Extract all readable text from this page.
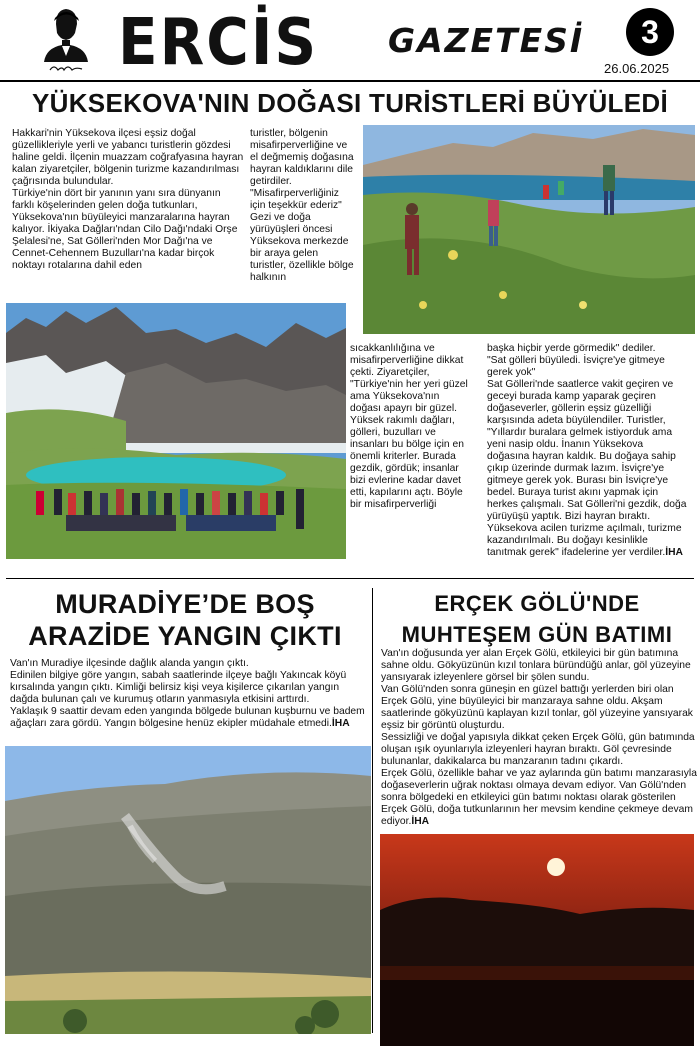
ERCİS GAZETESİ	3
26.06.2025
YÜKSEKOVA'NIN DOĞASI TURİSTLERİ BÜYÜLEDİ

Hakkari'nin Yüksekova ilçesi eşsiz doğal güzellikleriyle yerli ve yabancı turistlerin gözdesi haline geldi. İlçenin muazzam coğrafyasına hayran kalan ziyaretçiler, bölgenin turizme kazandırılması çağrısında bulundular.
Türkiye'nin dört bir yanının yanı sıra dünyanın farklı köşelerinden gelen doğa tutkunları, Yüksekova'nın büyüleyici manzaralarına hayran kalıyor. İkiyaka Dağları'ndan Cilo Dağı'ndaki Orşe Şelalesi'ne, Sat Gölleri'nden Mor Dağı'na ve Cennet-Cehennem Buzulları'na kadar birçok noktayı rotalarına dahil eden

turistler, bölgenin misafirperverliğine ve el değmemiş doğasına hayran kaldıklarını dile getirdiler.
"Misafirperverliğiniz için teşekkür ederiz"
Gezi ve doğa yürüyüşleri öncesi Yüksekova merkezde bir araya gelen turistler, özellikle bölge halkının

sıcakkanlılığına ve misafirperverliğine dikkat çekti. Ziyaretçiler, "Türkiye'nin her yeri güzel ama Yüksekova'nın doğası apayrı bir güzel. Yüksek rakımlı dağları, gölleri, buzulları ve insanları bu bölge için en önemli kriterler. Burada gezdik, gördük; insanlar bizi evlerine kadar davet etti, kapılarını açtı. Böyle bir misafirperverliği

başka hiçbir yerde görmedik" dediler.
"Sat gölleri büyüledi. İsviçre'ye gitmeye gerek yok"
Sat Gölleri'nde saatlerce vakit geçiren ve geceyi burada kamp yaparak geçiren doğaseverler, göllerin eşsiz güzelliği karşısında adeta büyülendiler. Turistler, "Yıllardır buralara gelmek istiyorduk ama yeni nasip oldu. İnanın Yüksekova doğasına hayran kaldık. Bu doğaya sahip çıkıp üzerinde durmak lazım. İsviçre'ye gitmeye gerek yok. Burası bin İsviçre'ye bedel. Buraya turist akını yapmak için herkes çalışmalı. Sat Gölleri'ni gezdik, doğa yürüyüşü yaptık. Bizi hayran bıraktı. Yüksekova acilen turizme açılmalı, turizme kazandırılmalı. Bu doğayı kesinlikle tanıtmak gerek" ifadelerine yer verdiler.İHA
MURADİYE’DE BOŞ ARAZİDE YANGIN ÇIKTI
Van'ın Muradiye ilçesinde dağlık alanda yangın çıktı.
Edinilen bilgiye göre yangın, sabah saatlerinde ilçeye bağlı Yakıncak köyü kırsalında yangın çıktı. Kimliği belirsiz kişi veya kişilerce çıkarılan yangın dağda bulunan çalı ve kurumuş otların yanmasıyla etkisini arttırdı.
Yaklaşık 9 saattir devam eden yangında bölgede bulunan kuşburnu ve badem ağaçları zara gördü. Yangın bölgesine henüz ekipler müdahale etmedi.İHA
ERÇEK GÖLÜ'NDE MUHTEŞEM GÜN BATIMI
Van'ın doğusunda yer alan Erçek Gölü, etkileyici bir gün batımına sahne oldu. Gökyüzünün kızıl tonlara büründüğü anlar, göl yüzeyine yansıyarak izleyenlere görsel bir şölen sundu.
Van Gölü'nden sonra güneşin en güzel battığı yerlerden biri olan Erçek Gölü, yine büyüleyici bir manzaraya sahne oldu. Akşam saatlerinde gökyüzünü kaplayan kızıl tonlar, göl yüzeyine yansıyarak eşsiz bir görüntü oluşturdu.
Sessizliği ve doğal yapısıyla dikkat çeken Erçek Gölü, gün batımında oluşan ışık oyunlarıyla izleyenleri hayran bıraktı. Göl çevresinde bulunanlar, dakikalarca bu manzaranın tadını çıkardı.
Erçek Gölü, özellikle bahar ve yaz aylarında gün batımı manzarasıyla doğaseverlerin uğrak noktası olmaya devam ediyor. Van Gölü'nden sonra bölgedeki en etkileyici gün batımı noktası olarak gösterilen Erçek Gölü, doğa tutkunlarının her mevsim kendine çekmeye devam ediyor.İHA
